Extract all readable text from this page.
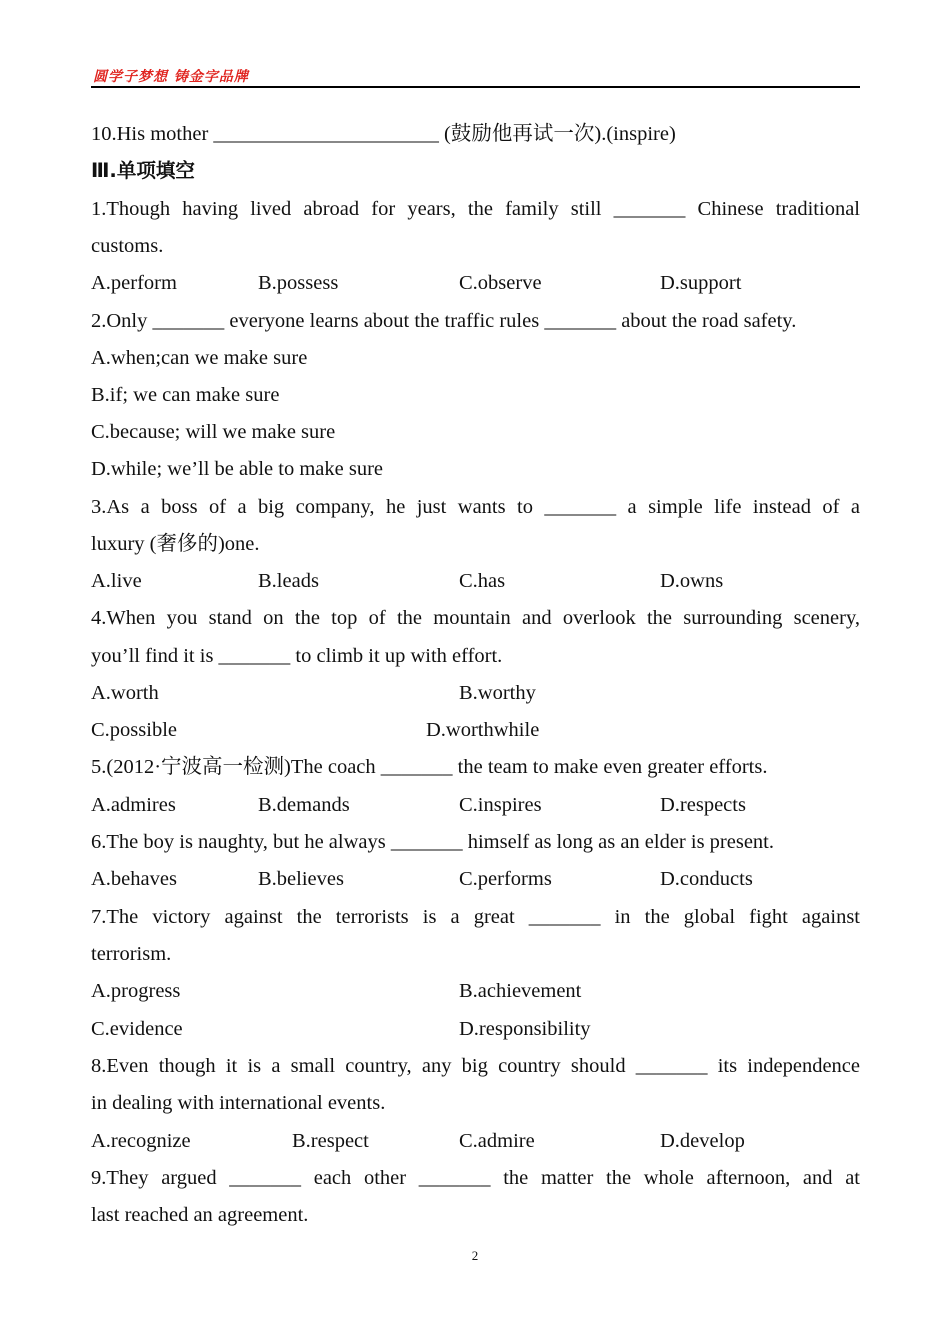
圆学子梦想 铸金字品牌
10.His mother ______________________ (鼓励他再试一次).(inspire)
Ⅲ.单项填空
1.Though having lived abroad for years, the family still _______ Chinese traditional
customs.
A.perform	B.possess	C.observe	D.support
2.Only _______ everyone learns about the traffic rules _______ about the road safety.
A.when;can we make sure
B.if; we can make sure
C.because; will we make sure
D.while; we’ll be able to make sure
3.As a boss of a big company, he just wants to _______ a simple life instead of a
luxury (奢侈的)one.
A.live	B.leads	C.has	D.owns
4.When you stand on the top of the mountain and overlook the surrounding scenery,
you’ll find it is _______ to climb it up with effort.
A.worth	B.worthy
C.possible	D.worthwhile
5.(2012·宁波高一检测)The coach _______ the team to make even greater efforts.
A.admires	B.demands	C.inspires	D.respects
6.The boy is naughty, but he always _______ himself as long as an elder is present.
A.behaves	B.believes	C.performs	D.conducts
7.The victory against the terrorists is a great _______ in the global fight against
terrorism.
A.progress	B.achievement
C.evidence	D.responsibility
8.Even though it is a small country, any big country should _______ its independence
in dealing with international events.
A.recognize	B.respect	C.admire	D.develop
9.They argued _______ each other _______ the matter the whole afternoon, and at
last reached an agreement.
2
